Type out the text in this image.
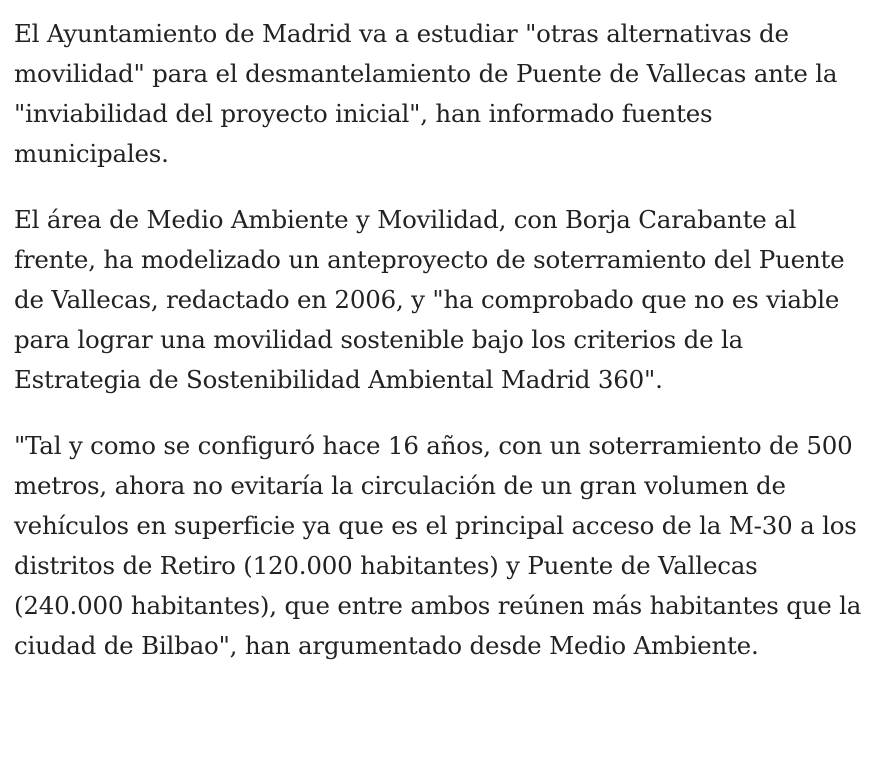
El Ayuntamiento de Madrid va a estudiar "otras alternativas de movilidad" para el desmantelamiento de Puente de Vallecas ante la "inviabilidad del proyecto inicial", han informado fuentes municipales.

El área de Medio Ambiente y Movilidad, con Borja Carabante al frente, ha modelizado un anteproyecto de soterramiento del Puente de Vallecas, redactado en 2006, y "ha comprobado que no es viable para lograr una movilidad sostenible bajo los criterios de la Estrategia de Sostenibilidad Ambiental Madrid 360".

"Tal y como se configuró hace 16 años, con un soterramiento de 500 metros, ahora no evitaría la circulación de un gran volumen de vehículos en superficie ya que es el principal acceso de la M-30 a los distritos de Retiro (120.000 habitantes) y Puente de Vallecas (240.000 habitantes), que entre ambos reúnen más habitantes que la ciudad de Bilbao", han argumentado desde Medio Ambiente.
